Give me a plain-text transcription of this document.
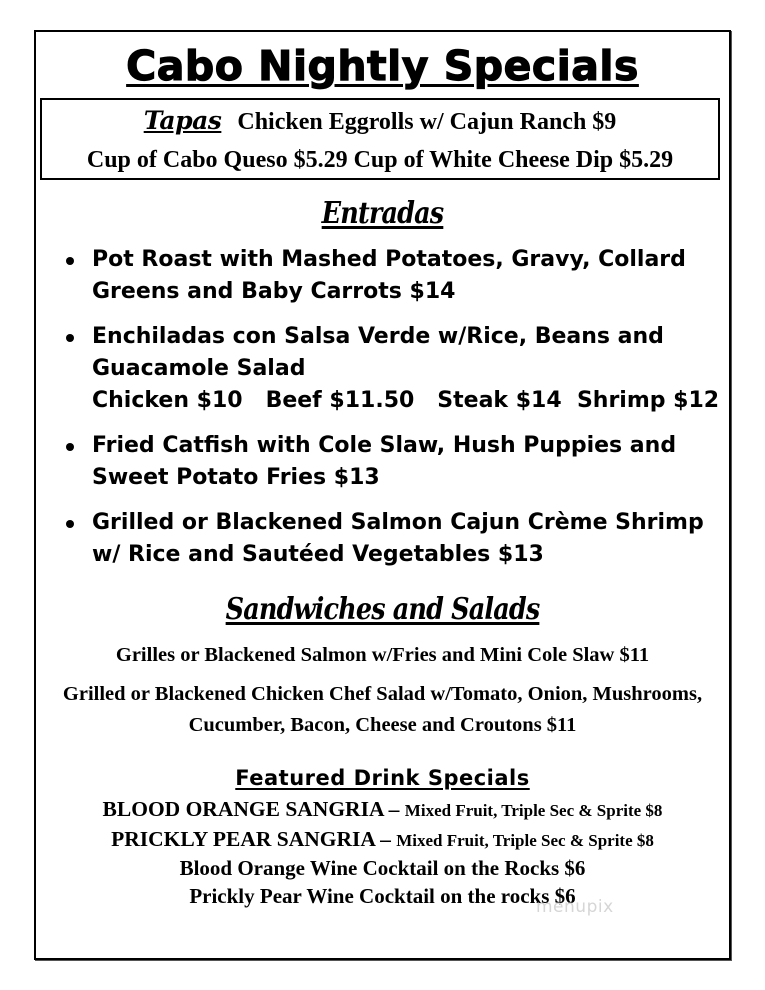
Cabo Nightly Specials
Tapas Chicken Eggrolls w/ Cajun Ranch $9
Cup of Cabo Queso $5.29 Cup of White Cheese Dip $5.29
Entradas
Pot Roast with Mashed Potatoes, Gravy, Collard Greens and Baby Carrots $14
Enchiladas con Salsa Verde w/Rice, Beans and Guacamole Salad
Chicken $10   Beef $11.50   Steak $14  Shrimp $12
Fried Catfish with Cole Slaw, Hush Puppies and Sweet Potato Fries $13
Grilled or Blackened Salmon Cajun Crème Shrimp w/ Rice and Sautéed Vegetables $13
Sandwiches and Salads
Grilles or Blackened Salmon w/Fries and Mini Cole Slaw $11
Grilled or Blackened Chicken Chef Salad w/Tomato, Onion, Mushrooms, Cucumber, Bacon, Cheese and Croutons $11
Featured Drink Specials
BLOOD ORANGE SANGRIA – Mixed Fruit, Triple Sec & Sprite $8
PRICKLY PEAR SANGRIA – Mixed Fruit, Triple Sec & Sprite $8
Blood Orange Wine Cocktail on the Rocks $6
Prickly Pear Wine Cocktail on the rocks $6
menupix
